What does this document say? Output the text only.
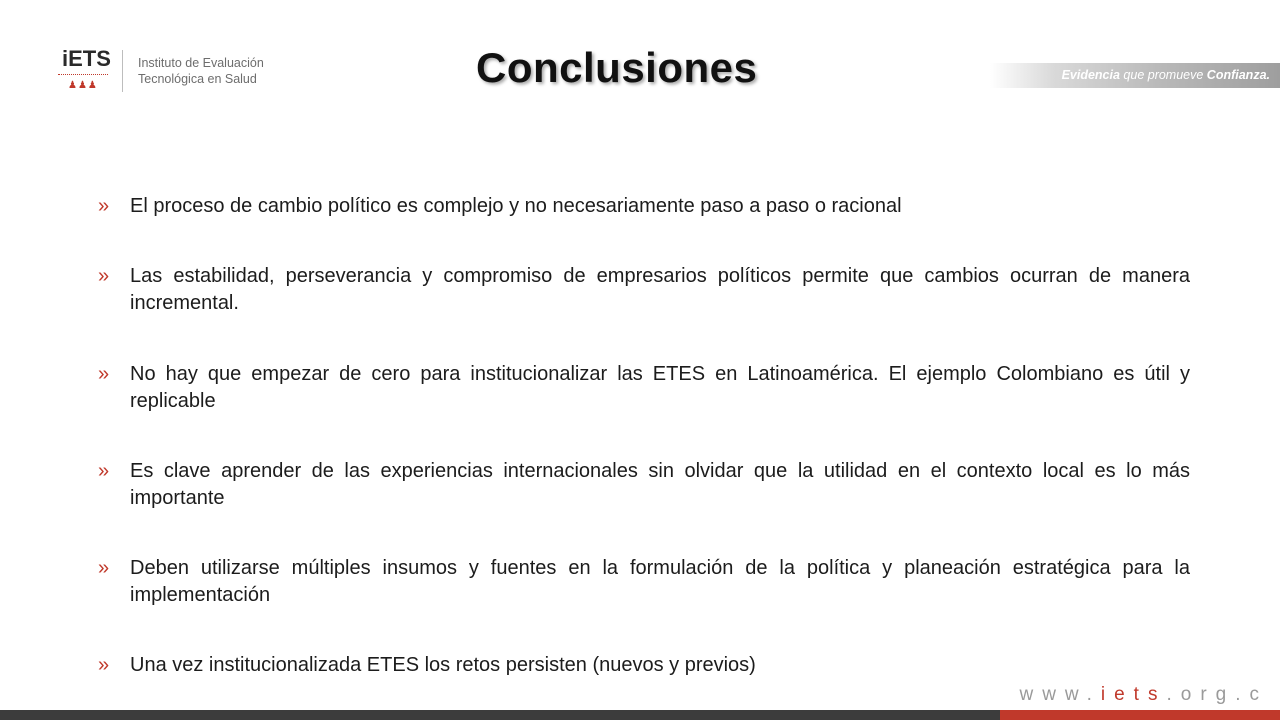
iETS
♟♟♟
Instituto de Evaluación
Tecnológica en Salud	Conclusiones	Evidencia que promueve Confianza.
» El proceso de cambio político es complejo y no necesariamente paso a paso o racional
» Las estabilidad, perseverancia y compromiso de empresarios políticos permite que cambios ocurran de manera incremental.
» No hay que empezar de cero para institucionalizar las ETES en Latinoamérica. El ejemplo Colombiano es útil y replicable
» Es clave aprender de las experiencias internacionales sin olvidar que la utilidad en el contexto local es lo más importante
» Deben utilizarse múltiples insumos y fuentes en la formulación de la política y planeación estratégica para la implementación
» Una vez institucionalizada ETES los retos persisten (nuevos y previos)
www.iets.org.c
